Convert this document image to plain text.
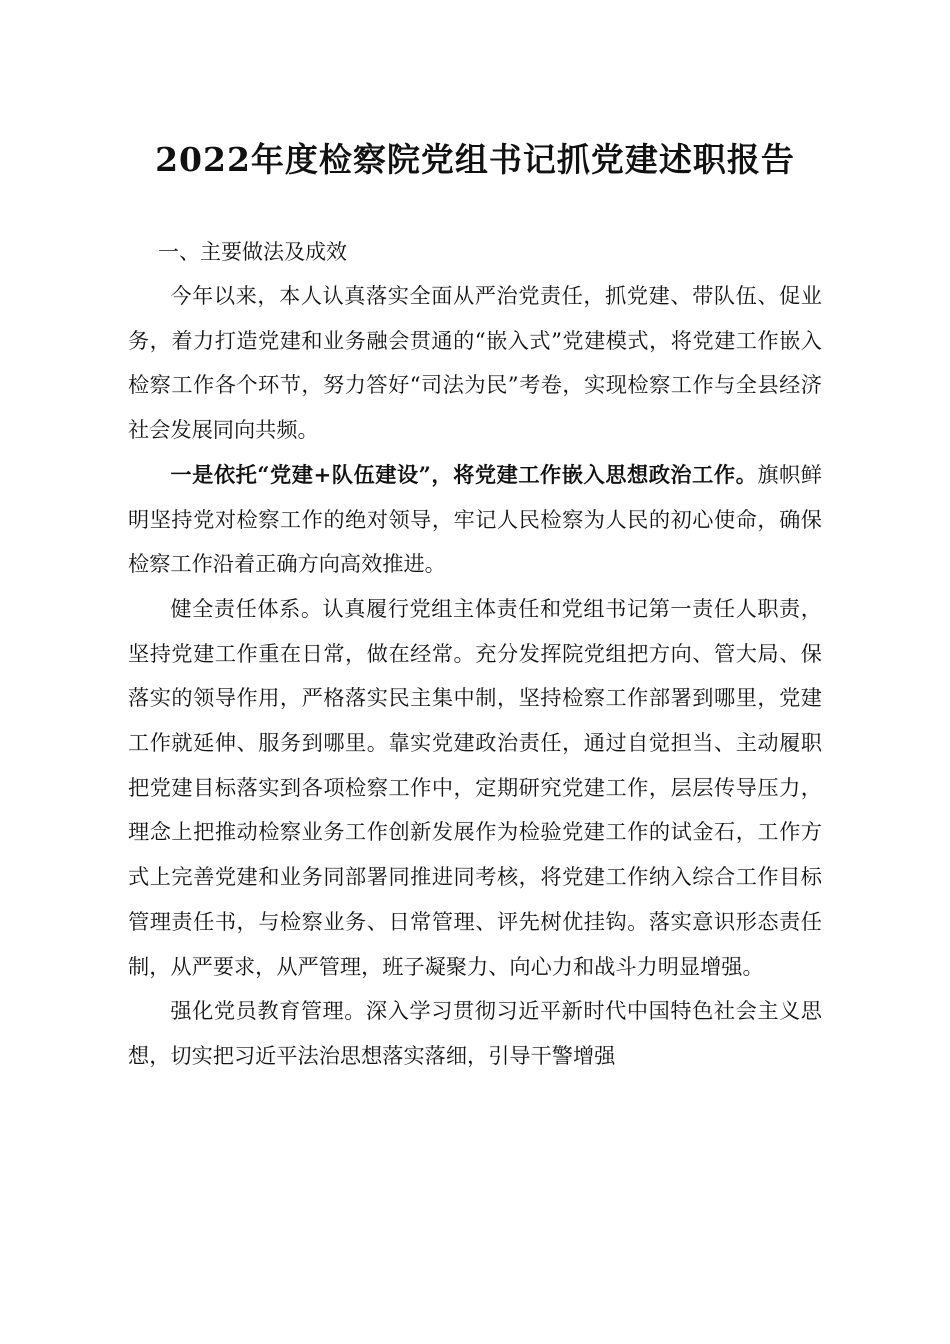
2022年度检察院党组书记抓党建述职报告
一、主要做法及成效

今年以来，本人认真落实全面从严治党责任，抓党建、带队伍、促业务，着力打造党建和业务融会贯通的“嵌入式”党建模式，将党建工作嵌入检察工作各个环节，努力答好“司法为民”考卷，实现检察工作与全县经济社会发展同向共频。

一是依托“党建+队伍建设”，将党建工作嵌入思想政治工作。旗帜鲜明坚持党对检察工作的绝对领导，牢记人民检察为人民的初心使命，确保检察工作沿着正确方向高效推进。

健全责任体系。认真履行党组主体责任和党组书记第一责任人职责，坚持党建工作重在日常，做在经常。充分发挥院党组把方向、管大局、保落实的领导作用，严格落实民主集中制，坚持检察工作部署到哪里，党建工作就延伸、服务到哪里。靠实党建政治责任，通过自觉担当、主动履职把党建目标落实到各项检察工作中，定期研究党建工作，层层传导压力，理念上把推动检察业务工作创新发展作为检验党建工作的试金石，工作方式上完善党建和业务同部署同推进同考核，将党建工作纳入综合工作目标管理责任书，与检察业务、日常管理、评先树优挂钩。落实意识形态责任制，从严要求，从严管理，班子凝聚力、向心力和战斗力明显增强。

强化党员教育管理。深入学习贯彻习近平新时代中国特色社会主义思想，切实把习近平法治思想落实落细，引导干警增强
